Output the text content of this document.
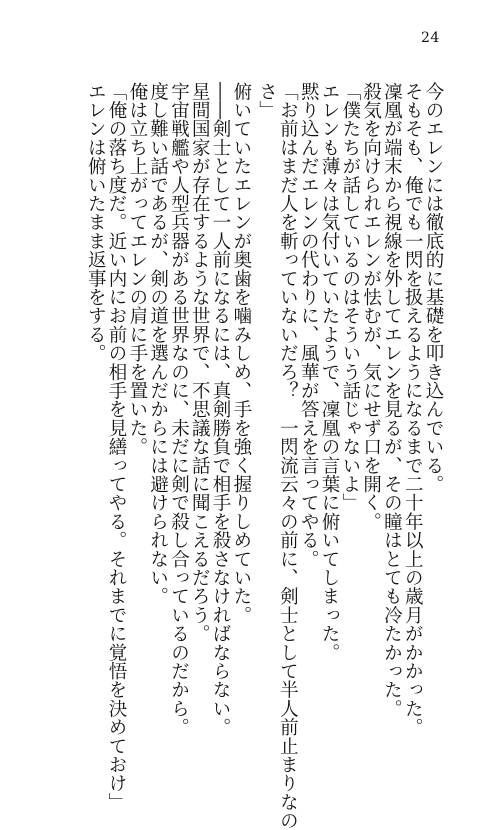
24

今のエレンには徹底的に基礎を叩き込んでいる。

そもそも、俺でも一閃を扱えるようになるまで二十年以上の歳月がかかった。

凜凰が端末から視線を外してエレンを見るが、その瞳はとても冷たかった。

殺気を向けられエレンが怯むが、気にせず口を開く。

「僕たちが話しているのはそういう話じゃないよ」

エレンも薄々は気付いていたようで、凜凰の言葉に俯いてしまった。

黙り込んだエレンの代わりに、風華が答えを言ってやる。

「お前はまだ人を斬っていないだろ？　一閃流云々の前に、剣士として半人前止まりなの

さ」

俯いていたエレンが奥歯を噛みしめ、手を強く握りしめていた。

――剣士として一人前になるには、真剣勝負で相手を殺さなければならない。

星間国家が存在するような世界で、不思議な話に聞こえるだろう。

宇宙戦艦や人型兵器がある世界なのに、未だに剣で殺し合っているのだから。

度し難い話であるが、剣の道を選んだからには避けられない。

俺は立ち上がってエレンの肩に手を置いた。

「俺の落ち度だ。近い内にお前の相手を見繕ってやる。それまでに覚悟を決めておけ」

エレンは俯いたまま返事をする。
